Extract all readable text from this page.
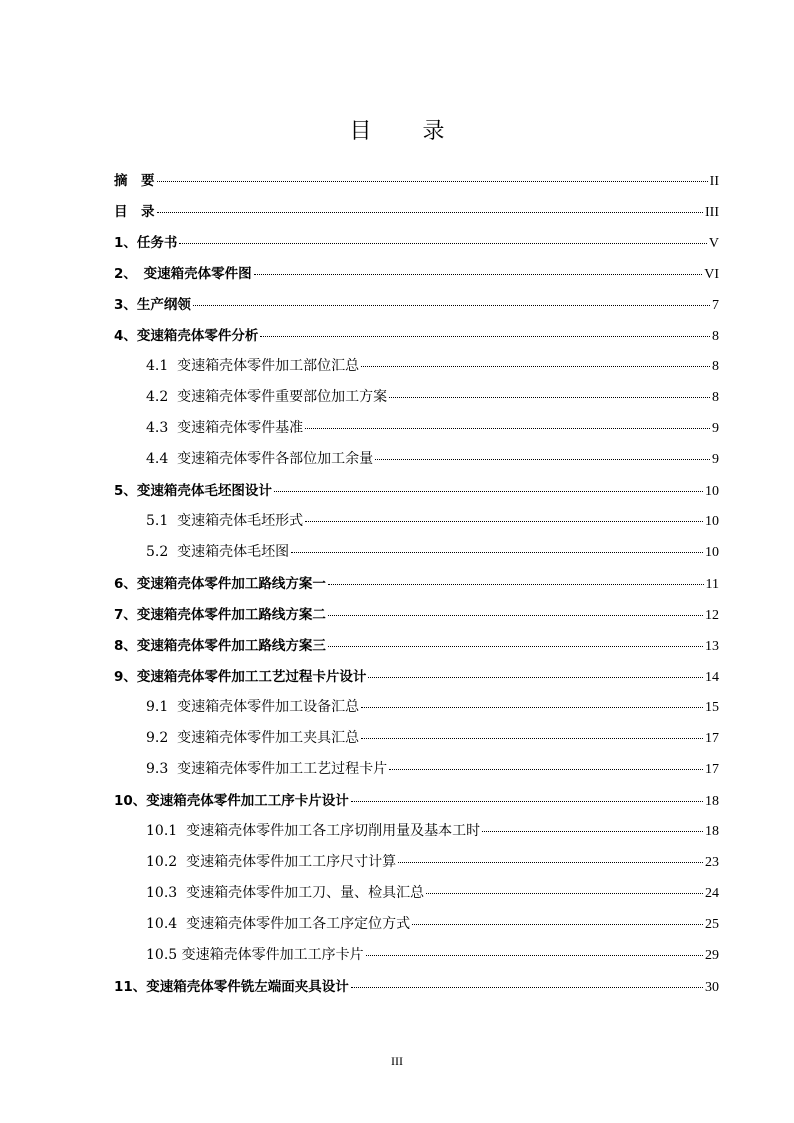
目 录
摘　要	II
目　录	III
1、任务书	V
2、　变速箱壳体零件图	VI
3、生产纲领	7
4、变速箱壳体零件分析	8
4.1  变速箱壳体零件加工部位汇总	8
4.2  变速箱壳体零件重要部位加工方案	8
4.3  变速箱壳体零件基准	9
4.4  变速箱壳体零件各部位加工余量	9
5、变速箱壳体毛坯图设计	10
5.1  变速箱壳体毛坯形式	10
5.2  变速箱壳体毛坯图	10
6、变速箱壳体零件加工路线方案一	11
7、变速箱壳体零件加工路线方案二	12
8、变速箱壳体零件加工路线方案三	13
9、变速箱壳体零件加工工艺过程卡片设计	14
9.1  变速箱壳体零件加工设备汇总	15
9.2  变速箱壳体零件加工夹具汇总	17
9.3  变速箱壳体零件加工工艺过程卡片	17
10、变速箱壳体零件加工工序卡片设计	18
10.1  变速箱壳体零件加工各工序切削用量及基本工时	18
10.2  变速箱壳体零件加工工序尺寸计算	23
10.3  变速箱壳体零件加工刀、量、检具汇总	24
10.4  变速箱壳体零件加工各工序定位方式	25
10.5 变速箱壳体零件加工工序卡片	29
11、变速箱壳体零件铣左端面夹具设计	30
III
